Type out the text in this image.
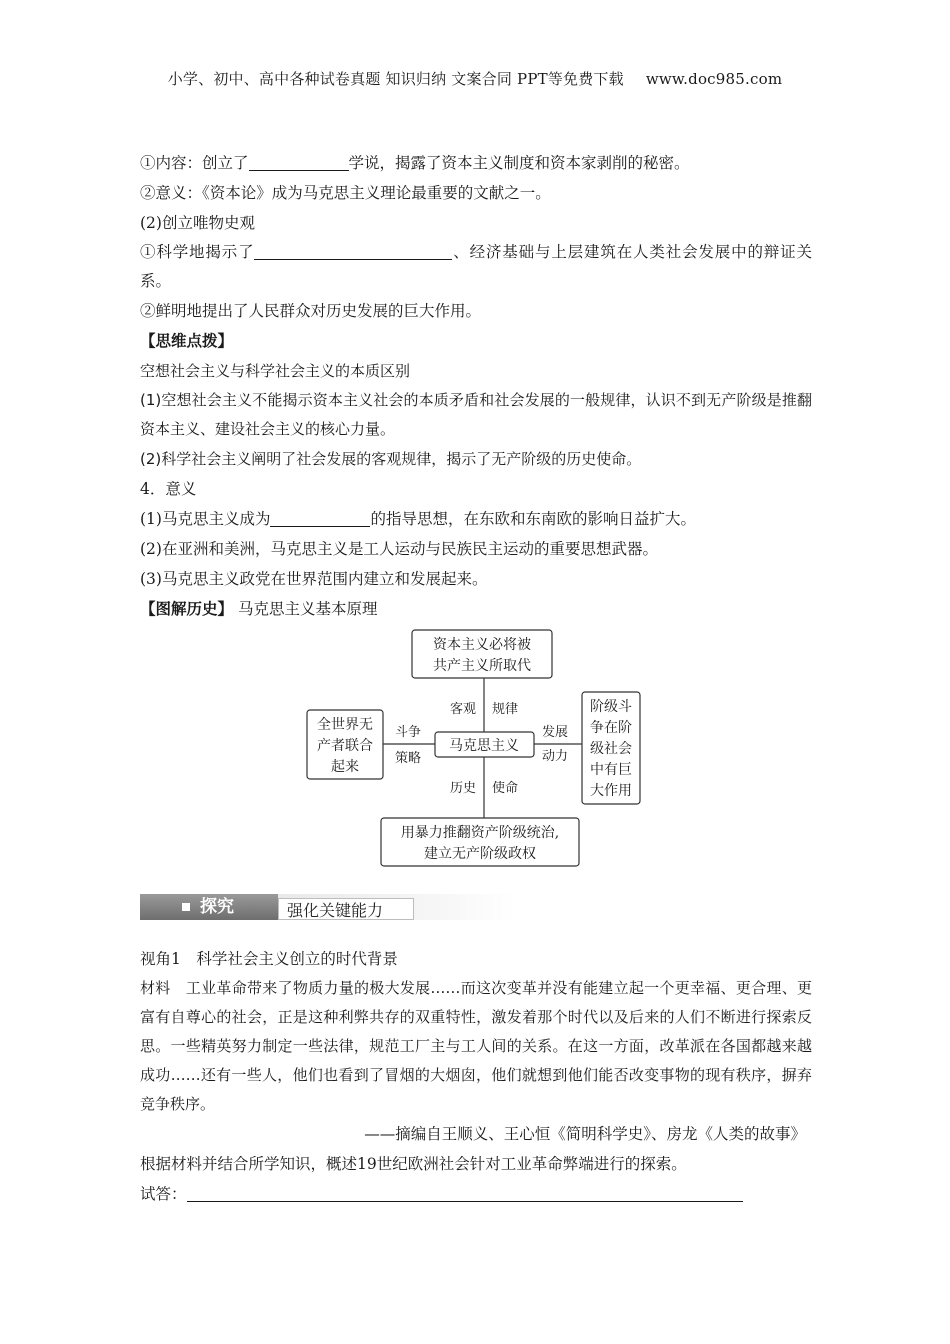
小学、初中、高中各种试卷真题 知识归纳 文案合同 PPT等免费下载 www.doc985.com
①内容：创立了	学说，揭露了资本主义制度和资本家剥削的秘密。
②意义：《资本论》成为马克思主义理论最重要的文献之一。
(2)创立唯物史观
①科学地揭示了	、经济基础与上层建筑在人类社会发展中的辩证关系。
②鲜明地提出了人民群众对历史发展的巨大作用。
【思维点拨】
空想社会主义与科学社会主义的本质区别
(1)空想社会主义不能揭示资本主义社会的本质矛盾和社会发展的一般规律，认识不到无产阶级是推翻资本主义、建设社会主义的核心力量。
(2)科学社会主义阐明了社会发展的客观规律，揭示了无产阶级的历史使命。
4．意义
(1)马克思主义成为	的指导思想，在东欧和东南欧的影响日益扩大。
(2)在亚洲和美洲，马克思主义是工人运动与民族民主运动的重要思想武器。
(3)马克思主义政党在世界范围内建立和发展起来。
【图解历史】 马克思主义基本原理
资本主义必将被
共产主义所取代
马克思主义
全世界无
产者联合
起来
阶级斗
争在阶
级社会
中有巨
大作用
用暴力推翻资产阶级统治,
建立无产阶级政权
客观 规律
斗争
策略
发展
动力
历史 使命
探究	强化关键能力
视角1　科学社会主义创立的时代背景
材料　工业革命带来了物质力量的极大发展……而这次变革并没有能建立起一个更幸福、更合理、更富有自尊心的社会，正是这种利弊共存的双重特性，激发着那个时代以及后来的人们不断进行探索反思。一些精英努力制定一些法律，规范工厂主与工人间的关系。在这一方面，改革派在各国都越来越成功……还有一些人，他们也看到了冒烟的大烟囱，他们就想到他们能否改变事物的现有秩序，摒弃竞争秩序。
——摘编自王顺义、王心恒《简明科学史》、房龙《人类的故事》
根据材料并结合所学知识，概述19世纪欧洲社会针对工业革命弊端进行的探索。
试答：
